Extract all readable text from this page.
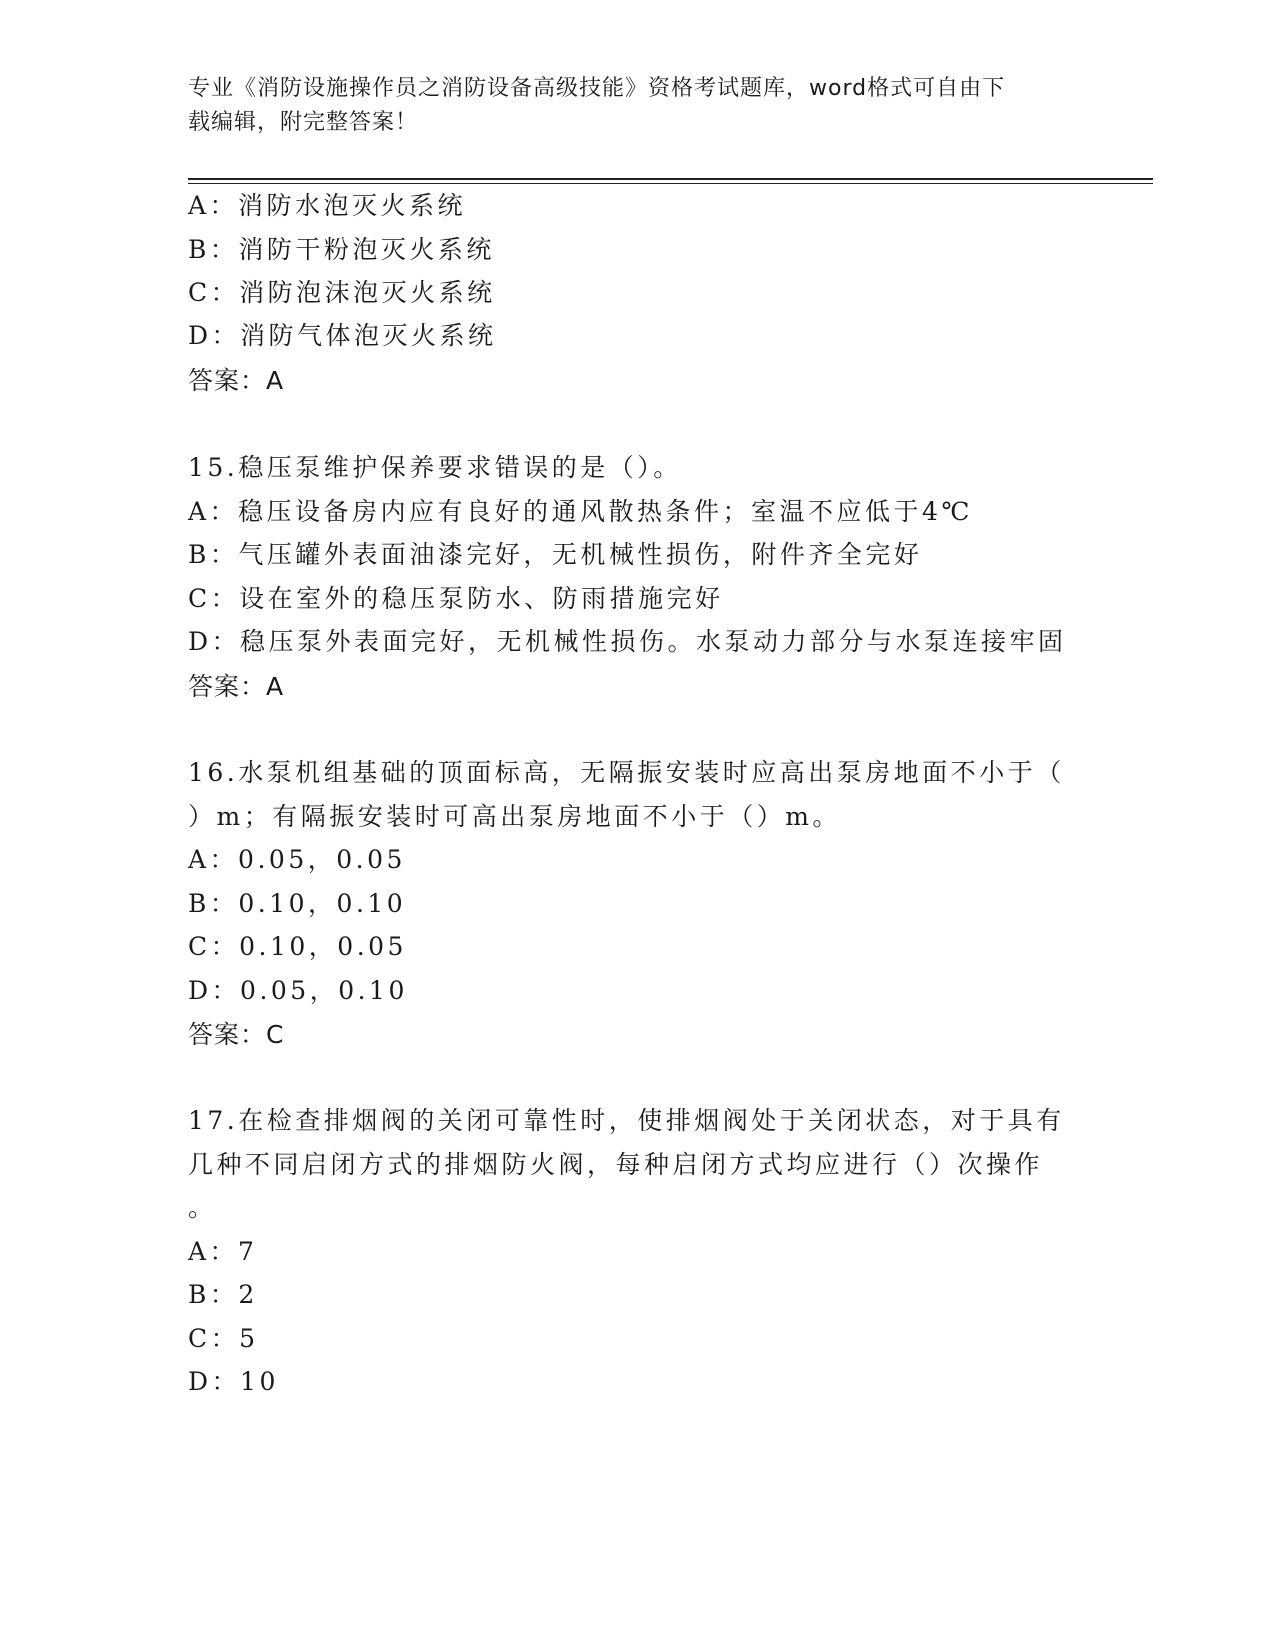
专业《消防设施操作员之消防设备高级技能》资格考试题库，word格式可自由下
载编辑，附完整答案！
A：消防水泡灭火系统
B：消防干粉泡灭火系统
C：消防泡沫泡灭火系统
D：消防气体泡灭火系统
答案：A
15.稳压泵维护保养要求错误的是（）。
A：稳压设备房内应有良好的通风散热条件；室温不应低于4℃
B：气压罐外表面油漆完好，无机械性损伤，附件齐全完好
C：设在室外的稳压泵防水、防雨措施完好
D：稳压泵外表面完好，无机械性损伤。水泵动力部分与水泵连接牢固
答案：A
16.水泵机组基础的顶面标高，无隔振安装时应高出泵房地面不小于（
）m；有隔振安装时可高出泵房地面不小于（）m。
A：0.05，0.05
B：0.10，0.10
C：0.10，0.05
D：0.05，0.10
答案：C
17.在检查排烟阀的关闭可靠性时，使排烟阀处于关闭状态，对于具有
几种不同启闭方式的排烟防火阀，每种启闭方式均应进行（）次操作
。
A：7
B：2
C：5
D：10
